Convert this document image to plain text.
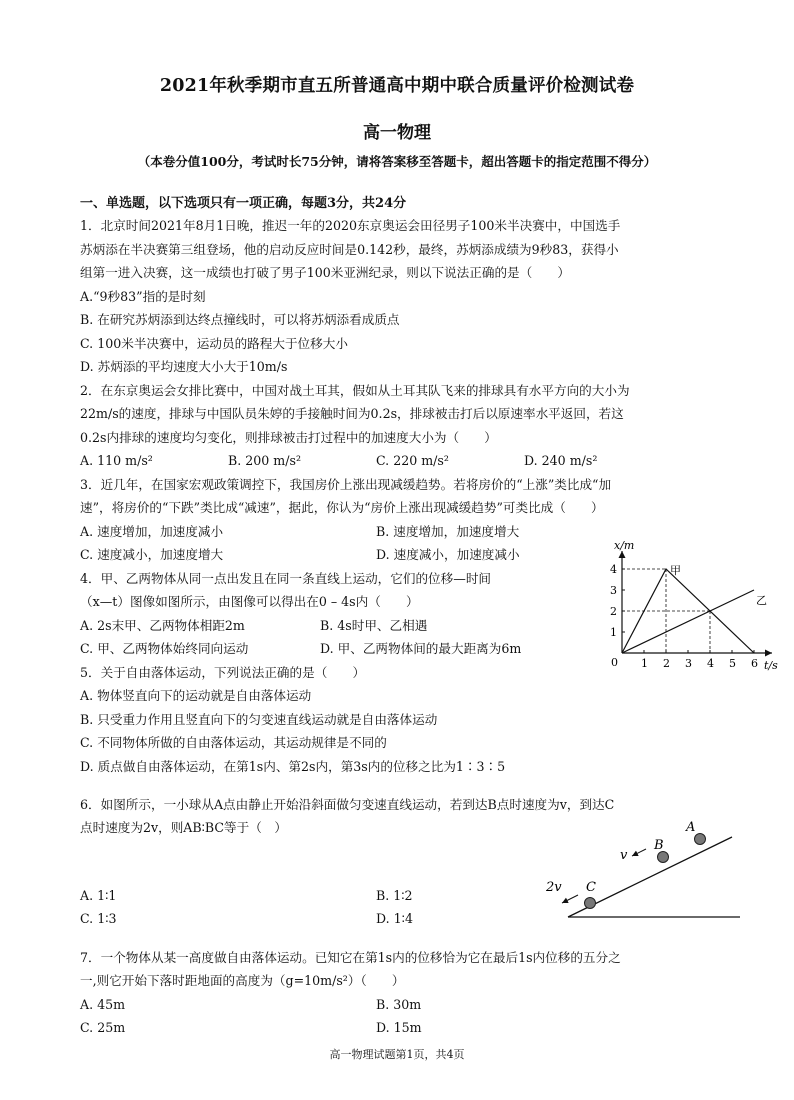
2021年秋季期市直五所普通高中期中联合质量评价检测试卷
高一物理
（本卷分值100分，考试时长75分钟，请将答案移至答题卡，超出答题卡的指定范围不得分）
一、单选题，以下选项只有一项正确，每题3分，共24分
1．北京时间2021年8月1日晚，推迟一年的2020东京奥运会田径男子100米半决赛中，中国选手
苏炳添在半决赛第三组登场，他的启动反应时间是0.142秒，最终，苏炳添成绩为9秒83，获得小
组第一进入决赛，这一成绩也打破了男子100米亚洲纪录，则以下说法正确的是（　　）
A.“9秒83”指的是时刻
B. 在研究苏炳添到达终点撞线时，可以将苏炳添看成质点
C. 100米半决赛中，运动员的路程大于位移大小
D. 苏炳添的平均速度大小大于10m/s
2．在东京奥运会女排比赛中，中国对战土耳其，假如从土耳其队飞来的排球具有水平方向的大小为
22m/s的速度，排球与中国队员朱婷的手接触时间为0.2s，排球被击打后以原速率水平返回，若这
0.2s内排球的速度均匀变化，则排球被击打过程中的加速度大小为（　　）
A. 110 m/s²	B. 200 m/s²	C. 220 m/s²	D. 240 m/s²
3．近几年，在国家宏观政策调控下，我国房价上涨出现减缓趋势。若将房价的“上涨”类比成“加
速”，将房价的“下跌”类比成“减速”，据此，你认为“房价上涨出现减缓趋势”可类比成（　　）
A. 速度增加，加速度减小	B. 速度增加，加速度增大
C. 速度减小，加速度增大	D. 速度减小，加速度减小
4．甲、乙两物体从同一点出发且在同一条直线上运动，它们的位移—时间
（x—t）图像如图所示，由图像可以得出在0 – 4s内（　　）
A. 2s末甲、乙两物体相距2m	B. 4s时甲、乙相遇
C. 甲、乙两物体始终同向运动	D. 甲、乙两物体间的最大距离为6m
x/m
t/s
0 1 2 3 4 5 6
1
2
3
4	甲
乙
5．关于自由落体运动，下列说法正确的是（　　）
A. 物体竖直向下的运动就是自由落体运动
B. 只受重力作用且竖直向下的匀变速直线运动就是自由落体运动
C. 不同物体所做的自由落体运动，其运动规律是不同的
D. 质点做自由落体运动，在第1s内、第2s内，第3s内的位移之比为1∶3∶5
6．如图所示，一小球从A点由静止开始沿斜面做匀变速直线运动，若到达B点时速度为v，到达C
点时速度为2v，则AB∶BC等于（　）
A. 1∶1	B. 1∶2
C. 1∶3	D. 1∶4
A
B
C
v
2v
7．一个物体从某一高度做自由落体运动。已知它在第1s内的位移恰为它在最后1s内位移的五分之
一,则它开始下落时距地面的高度为（g=10m/s²）（　　）
A. 45m	B. 30m
C. 25m	D. 15m
高一物理试题第1页，共4页
